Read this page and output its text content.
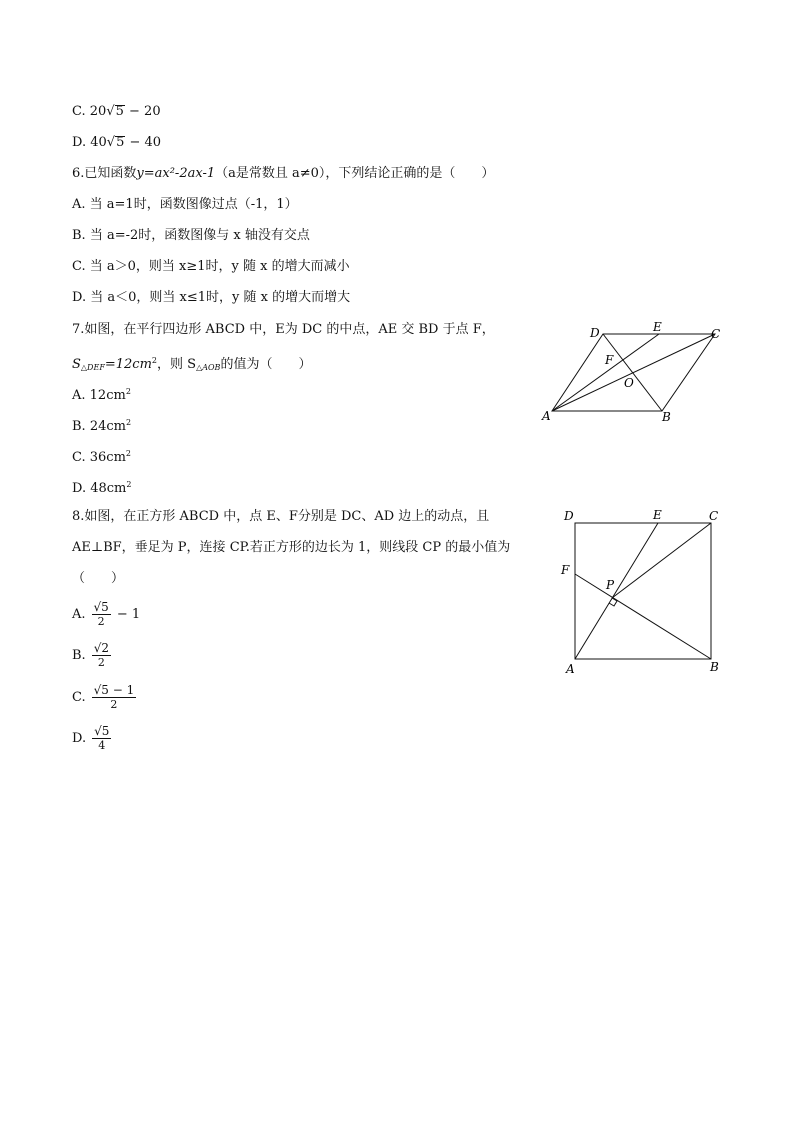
C. 20√5 − 20
D. 40√5 − 40
6.已知函数y=ax²-2ax-1（a是常数且 a≠0），下列结论正确的是（　　）
A. 当 a=1时，函数图像过点（-1，1）
B. 当 a=-2时，函数图像与 x 轴没有交点
C. 当 a＞0，则当 x≥1时，y 随 x 的增大而减小
D. 当 a＜0，则当 x≤1时，y 随 x 的增大而增大
7.如图，在平行四边形 ABCD 中，E为 DC 的中点，AE 交 BD 于点 F，
$S_{\triangle DEF}=12cm^2$，则 $S_{\triangle AOB}$的值为（　　）
A. $12cm^2$
B. $24cm^2$
C. $36cm^2$
D. $48cm^2$
D	E	C
F
O
A	B
8.如图，在正方形 ABCD 中，点 E、F分别是 DC、AD 边上的动点，且
AE⊥BF，垂足为 P，连接 CP.若正方形的边长为 1，则线段 CP 的最小值为
（　　）
A. $\frac{√5}{2} - 1$
B. $\frac{√2}{2}$
C. $\frac{√5 - 1}{2}$
D. $\frac{√5}{4}$
D	E	C
F
P
A	B
